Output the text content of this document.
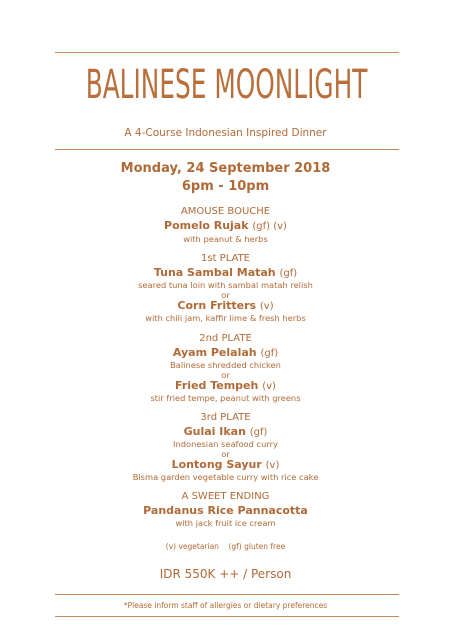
BALINESE MOONLIGHT
A 4-Course Indonesian Inspired Dinner
Monday, 24 September 2018
6pm - 10pm
AMOUSE BOUCHE
Pomelo Rujak (gf) (v)
with peanut & herbs
1st PLATE
Tuna Sambal Matah (gf)
seared tuna loin with sambal matah relish
or
Corn Fritters (v)
with chili jam, kaffir lime & fresh herbs
2nd PLATE
Ayam Pelalah (gf)
Balinese shredded chicken
or
Fried Tempeh (v)
stir fried tempe, peanut with greens
3rd PLATE
Gulai Ikan (gf)
Indonesian seafood curry
or
Lontong Sayur (v)
Bisma garden vegetable curry with rice cake
A SWEET ENDING
Pandanus Rice Pannacotta
with jack fruit ice cream
(v) vegetarian    (gf) gluten free
IDR 550K ++ / Person
*Please inform staff of allergies or dietary preferences
